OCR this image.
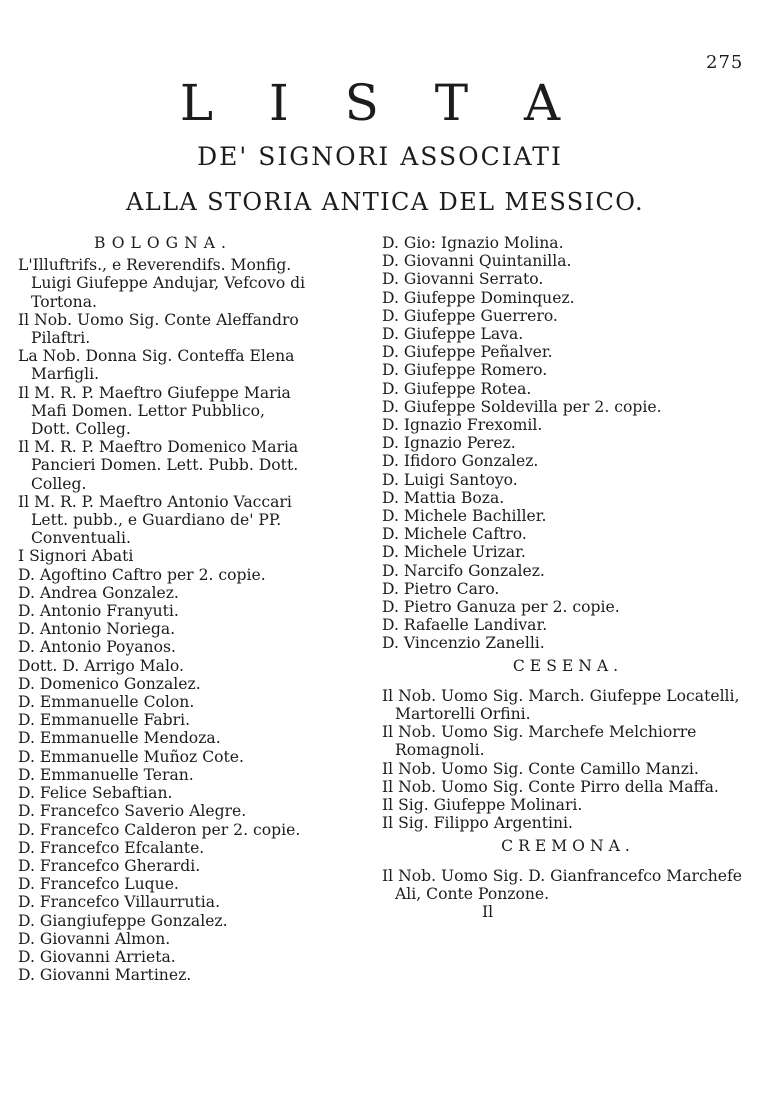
275
L I S T A
DE' SIGNORI ASSOCIATI
ALLA STORIA ANTICA DEL MESSICO.
BOLOGNA.
L'Illuftrifs., e Reverendifs. Monfig. Luigi Giufeppe Andujar, Vefcovo di Tortona.
Il Nob. Uomo Sig. Conte Aleffandro Pilaftri.
La Nob. Donna Sig. Conteffa Elena Marfigli.
Il M. R. P. Maeftro Giufeppe Maria Mafi Domen. Lettor Pubblico, Dott. Colleg.
Il M. R. P. Maeftro Domenico Maria Pancieri Domen. Lett. Pubb. Dott. Colleg.
Il M. R. P. Maeftro Antonio Vaccari Lett. pubb., e Guardiano de' PP. Conventuali.
I Signori Abati
D. Agoftino Caftro per 2. copie.
D. Andrea Gonzalez.
D. Antonio Franyuti.
D. Antonio Noriega.
D. Antonio Poyanos.
Dott. D. Arrigo Malo.
D. Domenico Gonzalez.
D. Emmanuelle Colon.
D. Emmanuelle Fabri.
D. Emmanuelle Mendoza.
D. Emmanuelle Muñoz Cote.
D. Emmanuelle Teran.
D. Felice Sebaftian.
D. Francefco Saverio Alegre.
D. Francefco Calderon per 2. copie.
D. Francefco Efcalante.
D. Francefco Gherardi.
D. Francefco Luque.
D. Francefco Villaurrutia.
D. Giangiufeppe Gonzalez.
D. Giovanni Almon.
D. Giovanni Arrieta.
D. Giovanni Martinez.
D. Gio: Ignazio Molina.
D. Giovanni Quintanilla.
D. Giovanni Serrato.
D. Giufeppe Dominquez.
D. Giufeppe Guerrero.
D. Giufeppe Lava.
D. Giufeppe Peñalver.
D. Giufeppe Romero.
D. Giufeppe Rotea.
D. Giufeppe Soldevilla per 2. copie.
D. Ignazio Frexomil.
D. Ignazio Perez.
D. Ifidoro Gonzalez.
D. Luigi Santoyo.
D. Mattia Boza.
D. Michele Bachiller.
D. Michele Caftro.
D. Michele Urizar.
D. Narcifo Gonzalez.
D. Pietro Caro.
D. Pietro Ganuza per 2. copie.
D. Rafaelle Landivar.
D. Vincenzio Zanelli.
CESENA.
Il Nob. Uomo Sig. March. Giufeppe Locatelli, Martorelli Orfini.
Il Nob. Uomo Sig. Marchefe Melchiorre Romagnoli.
Il Nob. Uomo Sig. Conte Camillo Manzi.
Il Nob. Uomo Sig. Conte Pirro della Maffa.
Il Sig. Giufeppe Molinari.
Il Sig. Filippo Argentini.
CREMONA.
Il Nob. Uomo Sig. D. Gianfrancefco Marchefe Ali, Conte Ponzone.
Il
